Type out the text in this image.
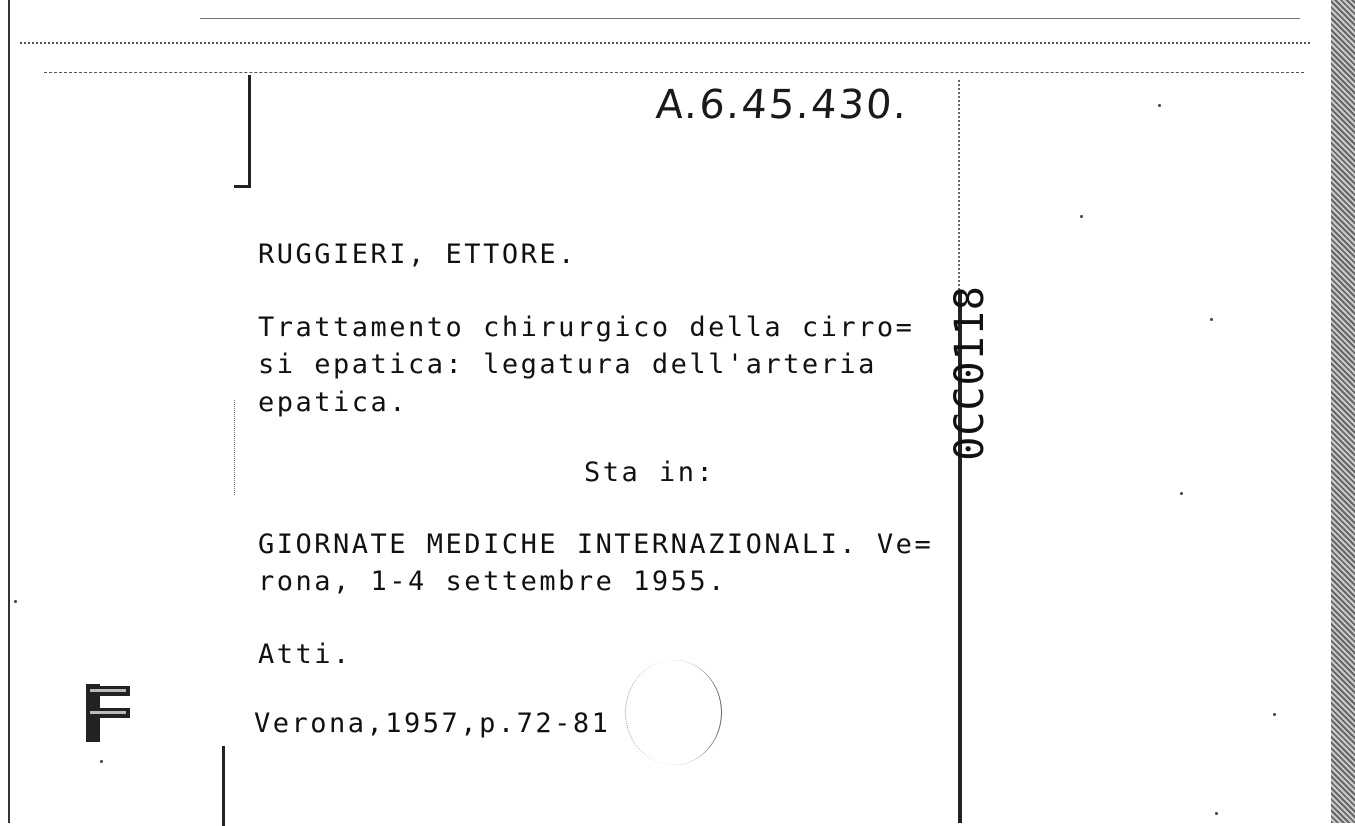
A.6.45.430.
0CC0118
RUGGIERI, ETTORE.
Trattamento chirurgico della cirro=
si epatica: legatura dell'arteria
epatica.
Sta in:
GIORNATE MEDICHE INTERNAZIONALI. Ve=
rona, 1-4 settembre 1955.
Atti.
Verona,1957,p.72-81
